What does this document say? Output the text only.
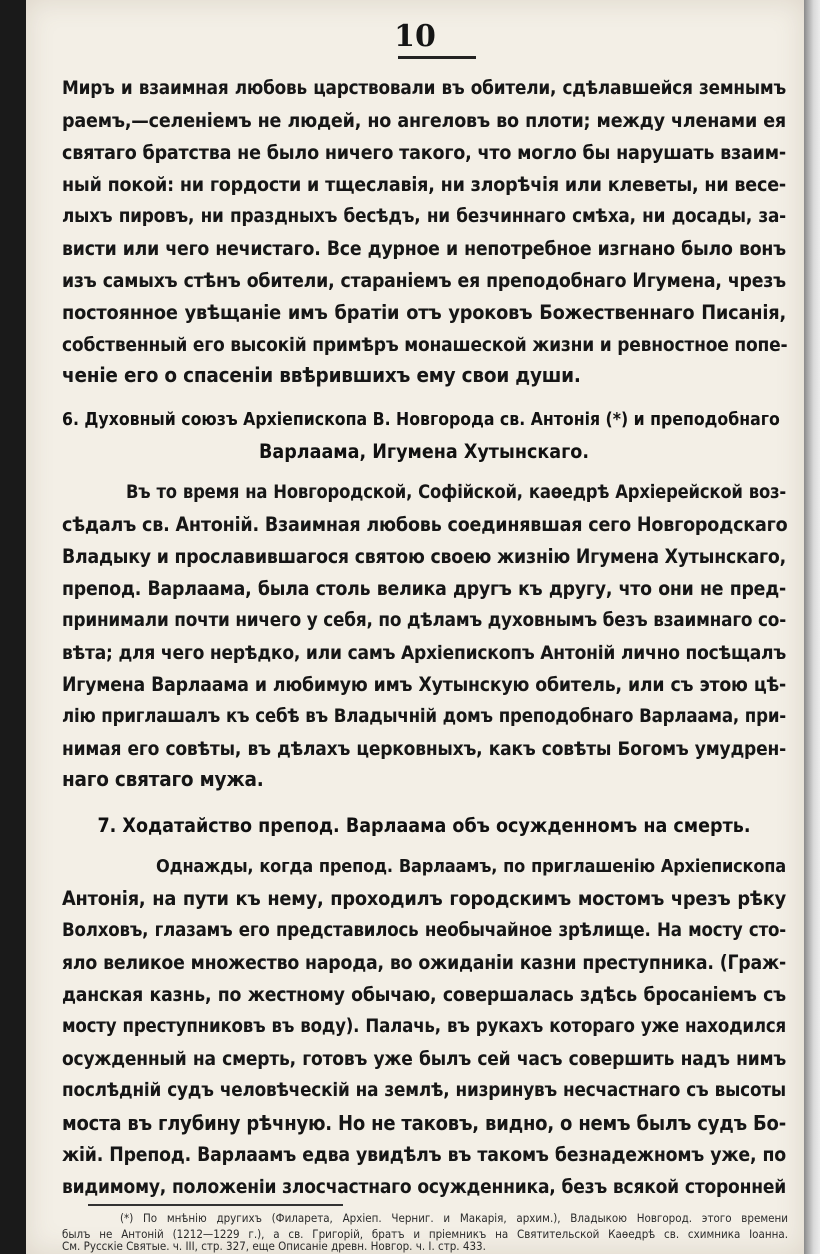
10
Миръ и взаимная любовь царствовали въ обители, сдѣлавшейся земнымъ
раемъ,—селеніемъ не людей, но ангеловъ во плоти; между членами ея
святаго братства не было ничего такого, что могло бы нарушать взаим-
ный покой: ни гордости и тщеславія, ни злорѣчія или клеветы, ни весе-
лыхъ пировъ, ни праздныхъ бесѣдъ, ни безчиннаго смѣха, ни досады, за-
висти или чего нечистаго. Все дурное и непотребное изгнано было вонъ
изъ самыхъ стѣнъ обители, стараніемъ ея преподобнаго Игумена, чрезъ
постоянное увѣщаніе имъ братіи отъ уроковъ Божественнаго Писанія,
собственный его высокій примѣръ монашеской жизни и ревностное попе-
ченіе его о спасеніи ввѣрившихъ ему свои души.
6. Духовный союзъ Архіепископа В. Новгорода св. Антонія (*) и преподобнаго
Варлаама, Игумена Хутынскаго.
Въ то время на Новгородской, Софійской, каѳедрѣ Архіерейской воз-
сѣдалъ св. Антоній. Взаимная любовь соединявшая сего Новгородскаго
Владыку и прославившагося святою своею жизнію Игумена Хутынскаго,
препод. Варлаама, была столь велика другъ къ другу, что они не пред-
принимали почти ничего у себя, по дѣламъ духовнымъ безъ взаимнаго со-
вѣта; для чего нерѣдко, или самъ Архіепископъ Антоній лично посѣщалъ
Игумена Варлаама и любимую имъ Хутынскую обитель, или съ этою цѣ-
лію приглашалъ къ себѣ въ Владычній домъ преподобнаго Варлаама, при-
нимая его совѣты, въ дѣлахъ церковныхъ, какъ совѣты Богомъ умудрен-
наго святаго мужа.
7. Ходатайство препод. Варлаама объ осужденномъ на смерть.
Однажды, когда препод. Варлаамъ, по приглашенію Архіепископа
Антонія, на пути къ нему, проходилъ городскимъ мостомъ чрезъ рѣку
Волховъ, глазамъ его представилось необычайное зрѣлище. На мосту сто-
яло великое множество народа, во ожиданіи казни преступника. (Граж-
данская казнь, по жестному обычаю, совершалась здѣсь бросаніемъ съ
мосту преступниковъ въ воду). Палачь, въ рукахъ котораго уже находился
осужденный на смерть, готовъ уже былъ сей часъ совершить надъ нимъ
послѣдній судъ человѣческій на землѣ, низринувъ несчастнаго съ высоты
моста въ глубину рѣчную. Но не таковъ, видно, о немъ былъ судъ Бо-
жій. Препод. Варлаамъ едва увидѣлъ въ такомъ безнадежномъ уже, по
видимому, положеніи злосчастнаго осужденника, безъ всякой сторонней
(*) По мнѣнію другихъ (Филарета, Архіеп. Черниг. и Макарія, архим.), Владыкою Новгород. этого времени
былъ не Антоній (1212—1229 г.), а св. Григорій, братъ и пріемникъ на Святительской Каѳедрѣ св. схимника Іоанна.
См. Русскіе Святые. ч. III, стр. 327, еще Описаніе древн. Новгор. ч. I. стр. 433.
